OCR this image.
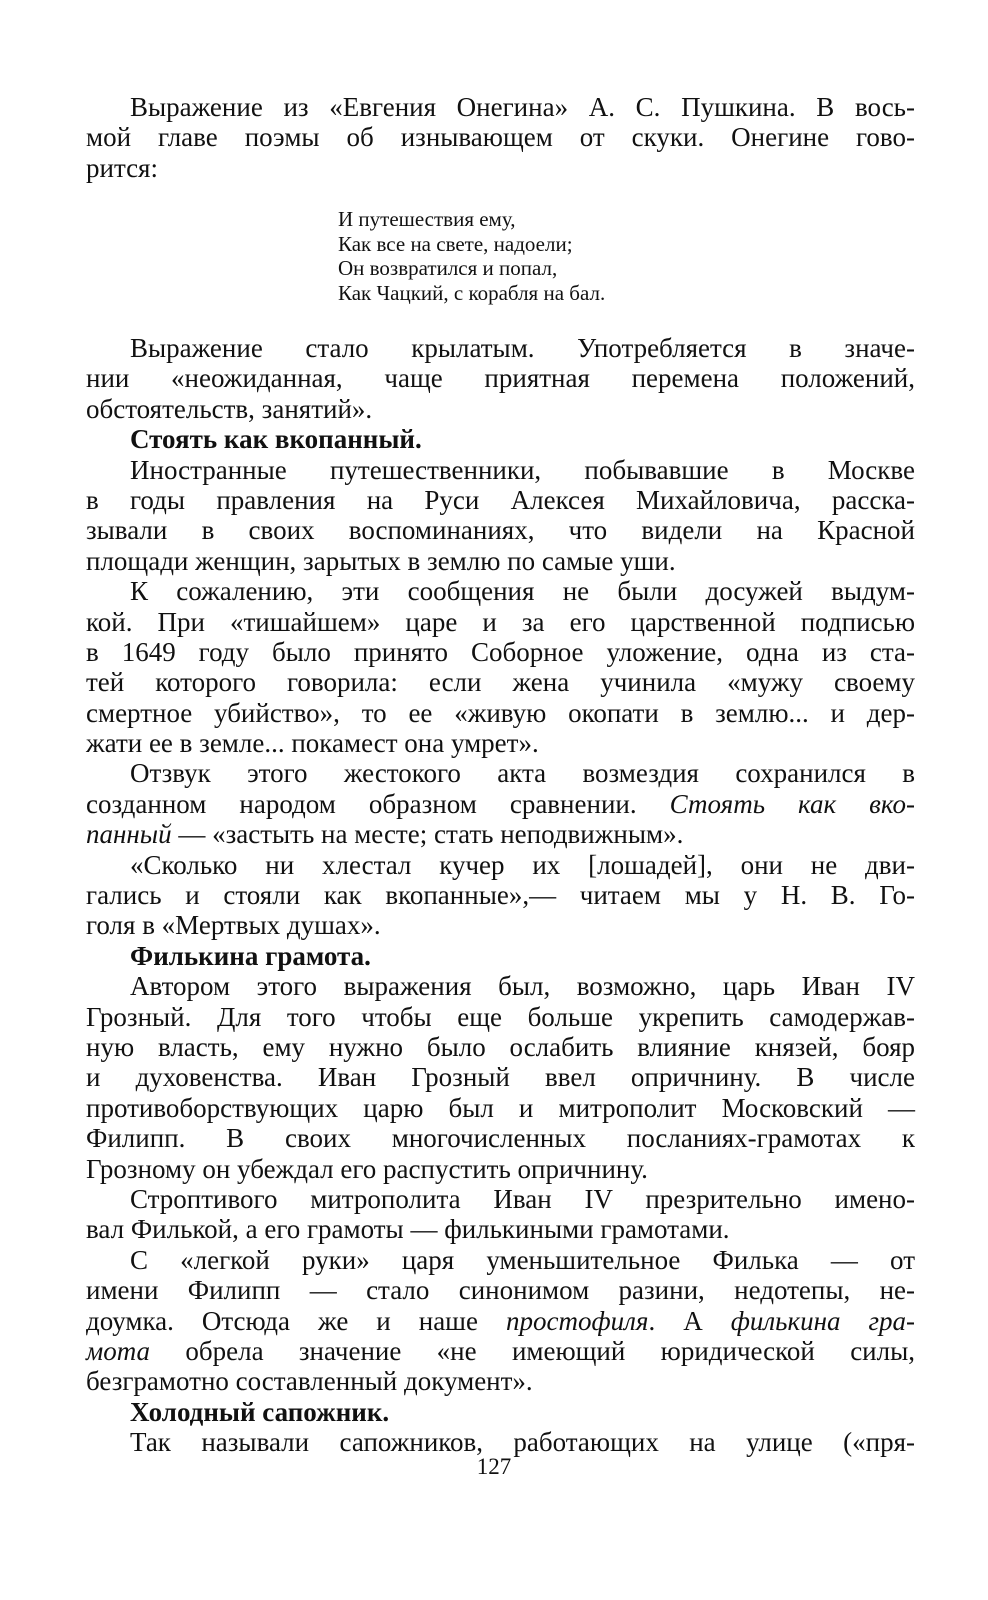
Выражение из «Евгения Онегина» А. С. Пушкина. В вось-
мой главе поэмы об изнывающем от скуки. Онегине гово-
рится:
И путешествия ему,
Как все на свете, надоели;
Он возвратился и попал,
Как Чацкий, с корабля на бал.
Выражение стало крылатым. Употребляется в значе-
нии «неожиданная, чаще приятная перемена положений,
обстоятельств, занятий».
Стоять как вкопанный.
Иностранные путешественники, побывавшие в Москве
в годы правления на Руси Алексея Михайловича, расска-
зывали в своих воспоминаниях, что видели на Красной
площади женщин, зарытых в землю по самые уши.
К сожалению, эти сообщения не были досужей выдум-
кой. При «тишайшем» царе и за его царственной подписью
в 1649 году было принято Соборное уложение, одна из ста-
тей которого говорила: если жена учинила «мужу своему
смертное убийство», то ее «живую окопати в землю... и дер-
жати ее в земле... покамест она умрет».
Отзвук этого жестокого акта возмездия сохранился в
созданном народом образном сравнении. Стоять как вко-
панный — «застыть на месте; стать неподвижным».
«Сколько ни хлестал кучер их [лошадей], они не дви-
гались и стояли как вкопанные»,— читаем мы у Н. В. Го-
голя в «Мертвых душах».
Филькина грамота.
Автором этого выражения был, возможно, царь Иван IV
Грозный. Для того чтобы еще больше укрепить самодержав-
ную власть, ему нужно было ослабить влияние князей, бояр
и духовенства. Иван Грозный ввел опричнину. В числе
противоборствующих царю был и митрополит Московский —
Филипп. В своих многочисленных посланиях-грамотах к
Грозному он убеждал его распустить опричнину.
Строптивого митрополита Иван IV презрительно имено-
вал Филькой, а его грамоты — филькиными грамотами.
С «легкой руки» царя уменьшительное Филька — от
имени Филипп — стало синонимом разини, недотепы, не-
доумка. Отсюда же и наше простофиля. А филькина гра-
мота обрела значение «не имеющий юридической силы,
безграмотно составленный документ».
Холодный сапожник.
Так называли сапожников, работающих на улице («пря-
127
